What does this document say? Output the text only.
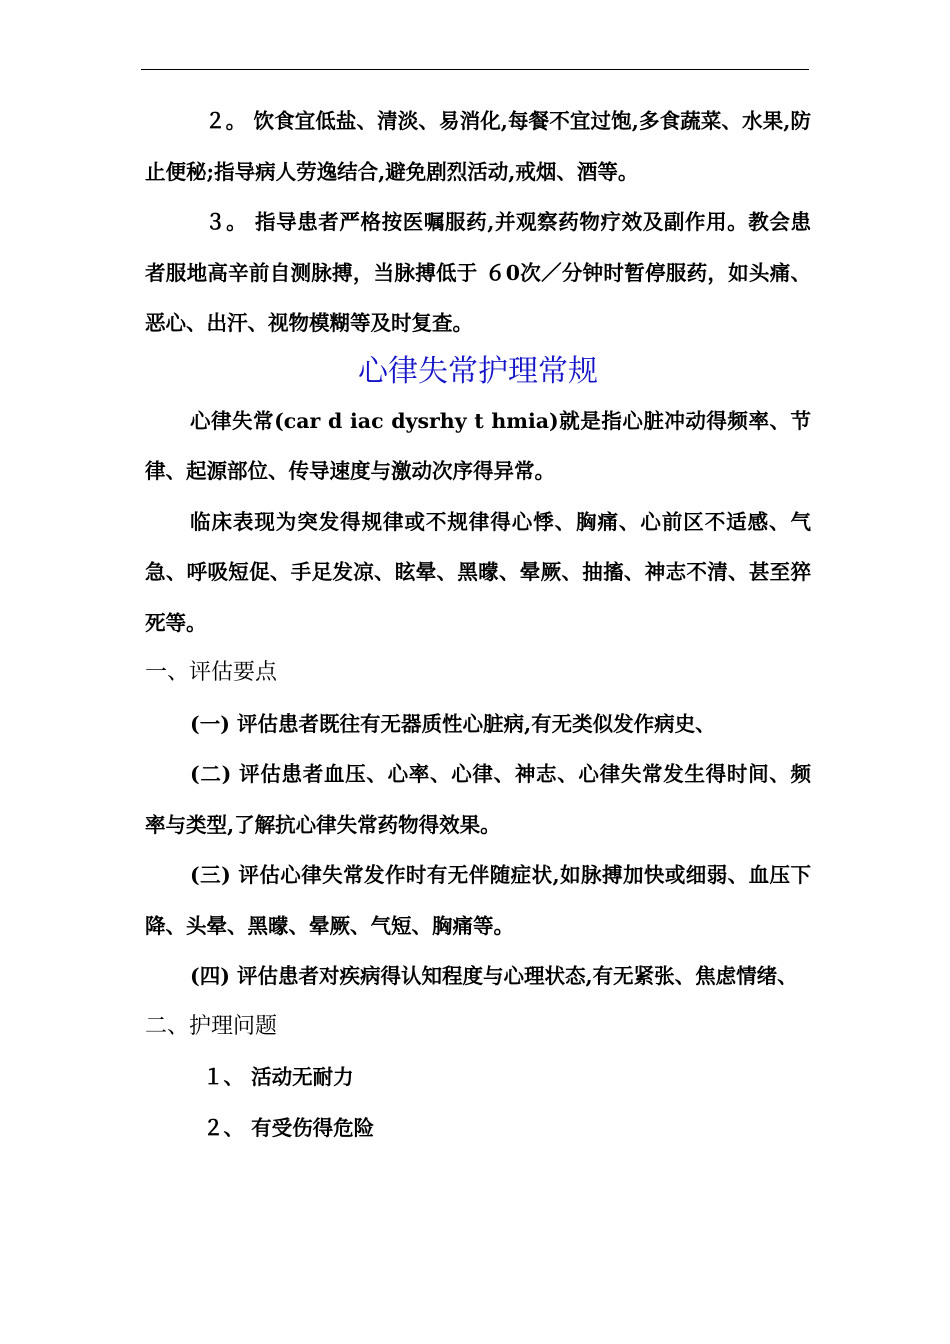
２。 饮食宜低盐、清淡、易消化,每餐不宜过饱,多食蔬菜、水果,防止便秘;指导病人劳逸结合,避免剧烈活动,戒烟、酒等。

３。 指导患者严格按医嘱服药,并观察药物疗效及副作用。教会患者服地高辛前自测脉搏，当脉搏低于 ６0次／分钟时暂停服药，如头痛、恶心、出汗、视物模糊等及时复查。

心律失常护理常规

心律失常(car d iac dysrhy t hmia)就是指心脏冲动得频率、节律、起源部位、传导速度与激动次序得异常。

临床表现为突发得规律或不规律得心悸、胸痛、心前区不适感、气急、呼吸短促、手足发凉、眩晕、黑曚、晕厥、抽搐、神志不清、甚至猝死等。

一、评估要点

(一) 评估患者既往有无器质性心脏病,有无类似发作病史、

(二) 评估患者血压、心率、心律、神志、心律失常发生得时间、频率与类型,了解抗心律失常药物得效果。

(三) 评估心律失常发作时有无伴随症状,如脉搏加快或细弱、血压下降、头晕、黑曚、晕厥、气短、胸痛等。

(四) 评估患者对疾病得认知程度与心理状态,有无紧张、焦虑情绪、

二、护理问题

１、 活动无耐力

２、 有受伤得危险
